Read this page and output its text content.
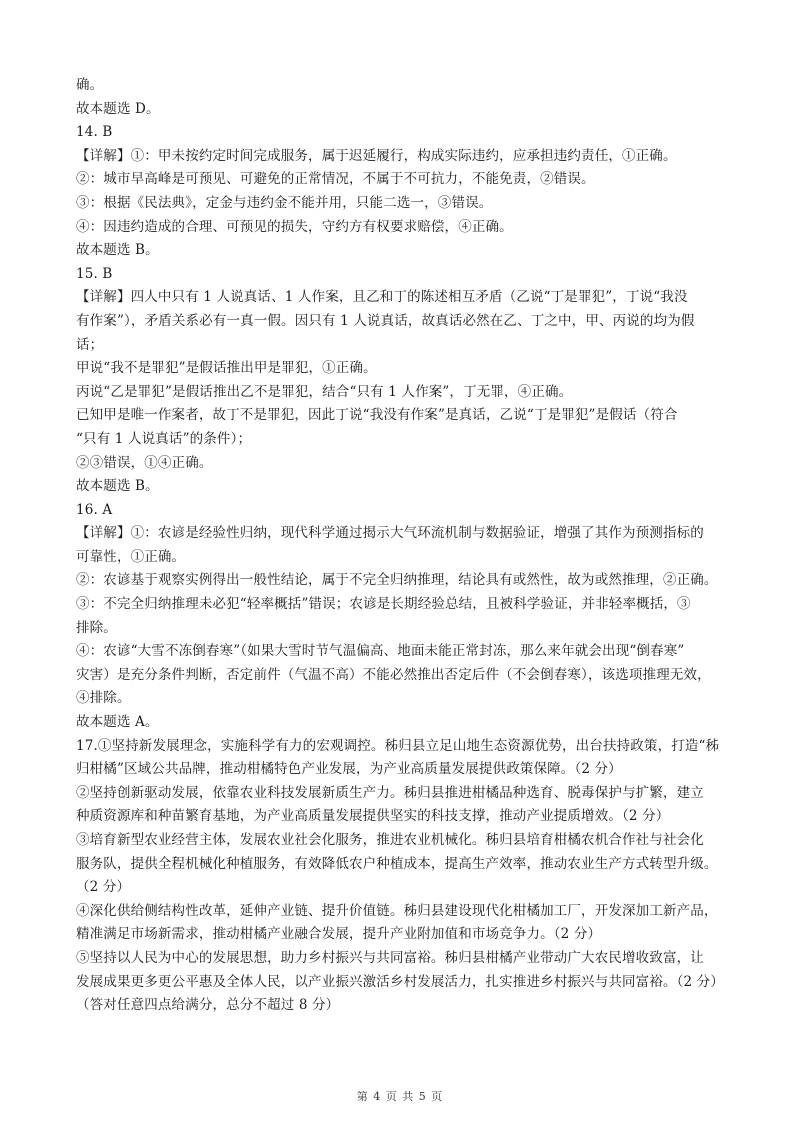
确。
故本题选 D。
14. B
【详解】①：甲未按约定时间完成服务，属于迟延履行，构成实际违约，应承担违约责任，①正确。
②：城市早高峰是可预见、可避免的正常情况，不属于不可抗力，不能免责，②错误。
③：根据《民法典》，定金与违约金不能并用，只能二选一，③错误。
④：因违约造成的合理、可预见的损失，守约方有权要求赔偿，④正确。
故本题选 B。
15. B
【详解】四人中只有 1 人说真话、1 人作案，且乙和丁的陈述相互矛盾（乙说“丁是罪犯”，丁说“我没
有作案”），矛盾关系必有一真一假。因只有 1 人说真话，故真话必然在乙、丁之中，甲、丙说的均为假
话；
甲说“我不是罪犯”是假话推出甲是罪犯，①正确。
丙说“乙是罪犯”是假话推出乙不是罪犯，结合“只有 1 人作案”，丁无罪，④正确。
已知甲是唯一作案者，故丁不是罪犯，因此丁说“我没有作案”是真话，乙说“丁是罪犯”是假话（符合
“只有 1 人说真话”的条件）；
②③错误，①④正确。
故本题选 B。
16. A
【详解】①：农谚是经验性归纳，现代科学通过揭示大气环流机制与数据验证，增强了其作为预测指标的
可靠性，①正确。
②：农谚基于观察实例得出一般性结论，属于不完全归纳推理，结论具有或然性，故为或然推理，②正确。
③：不完全归纳推理未必犯“轻率概括”错误；农谚是长期经验总结，且被科学验证，并非轻率概括，③
排除。
④：农谚“大雪不冻倒春寒”（如果大雪时节气温偏高、地面未能正常封冻，那么来年就会出现“倒春寒”
灾害）是充分条件判断，否定前件（气温不高）不能必然推出否定后件（不会倒春寒），该选项推理无效，
④排除。
故本题选 A。
17.①坚持新发展理念，实施科学有力的宏观调控。秭归县立足山地生态资源优势，出台扶持政策，打造“秭
归柑橘”区域公共品牌，推动柑橘特色产业发展，为产业高质量发展提供政策保障。（2 分）
②坚持创新驱动发展，依靠农业科技发展新质生产力。秭归县推进柑橘品种选育、脱毒保护与扩繁，建立
种质资源库和种苗繁育基地，为产业高质量发展提供坚实的科技支撑，推动产业提质增效。（2 分）
③培育新型农业经营主体，发展农业社会化服务，推进农业机械化。秭归县培育柑橘农机合作社与社会化
服务队，提供全程机械化种植服务，有效降低农户种植成本，提高生产效率，推动农业生产方式转型升级。
（2 分）
④深化供给侧结构性改革，延伸产业链、提升价值链。秭归县建设现代化柑橘加工厂，开发深加工新产品，
精准满足市场新需求，推动柑橘产业融合发展，提升产业附加值和市场竞争力。（2 分）
⑤坚持以人民为中心的发展思想，助力乡村振兴与共同富裕。秭归县柑橘产业带动广大农民增收致富，让
发展成果更多更公平惠及全体人民，以产业振兴激活乡村发展活力，扎实推进乡村振兴与共同富裕。（2 分）
（答对任意四点给满分，总分不超过 8 分）
第 4 页 共 5 页
